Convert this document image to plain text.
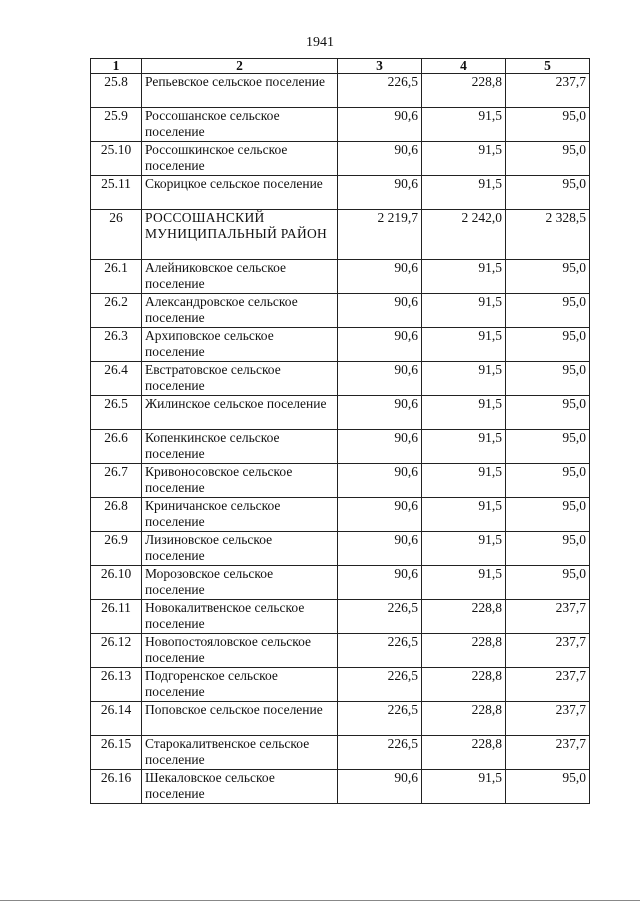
1941
1	2	3	4	5
25.8	Репьевское сельское поселение	226,5	228,8	237,7
25.9	Россошанское сельское поселение	90,6	91,5	95,0
25.10	Россошкинское сельское поселение	90,6	91,5	95,0
25.11	Скорицкое сельское поселение	90,6	91,5	95,0
26	РОССОШАНСКИЙ МУНИЦИПАЛЬНЫЙ РАЙОН	2 219,7	2 242,0	2 328,5
26.1	Алейниковское сельское поселение	90,6	91,5	95,0
26.2	Александровское сельское поселение	90,6	91,5	95,0
26.3	Архиповское сельское поселение	90,6	91,5	95,0
26.4	Евстратовское сельское поселение	90,6	91,5	95,0
26.5	Жилинское сельское поселение	90,6	91,5	95,0
26.6	Копенкинское сельское поселение	90,6	91,5	95,0
26.7	Кривоносовское сельское поселение	90,6	91,5	95,0
26.8	Криничанское сельское поселение	90,6	91,5	95,0
26.9	Лизиновское сельское поселение	90,6	91,5	95,0
26.10	Морозовское сельское поселение	90,6	91,5	95,0
26.11	Новокалитвенское сельское поселение	226,5	228,8	237,7
26.12	Новопостояловское сельское поселение	226,5	228,8	237,7
26.13	Подгоренское сельское поселение	226,5	228,8	237,7
26.14	Поповское сельское поселение	226,5	228,8	237,7
26.15	Старокалитвенское сельское поселение	226,5	228,8	237,7
26.16	Шекаловское сельское поселение	90,6	91,5	95,0
